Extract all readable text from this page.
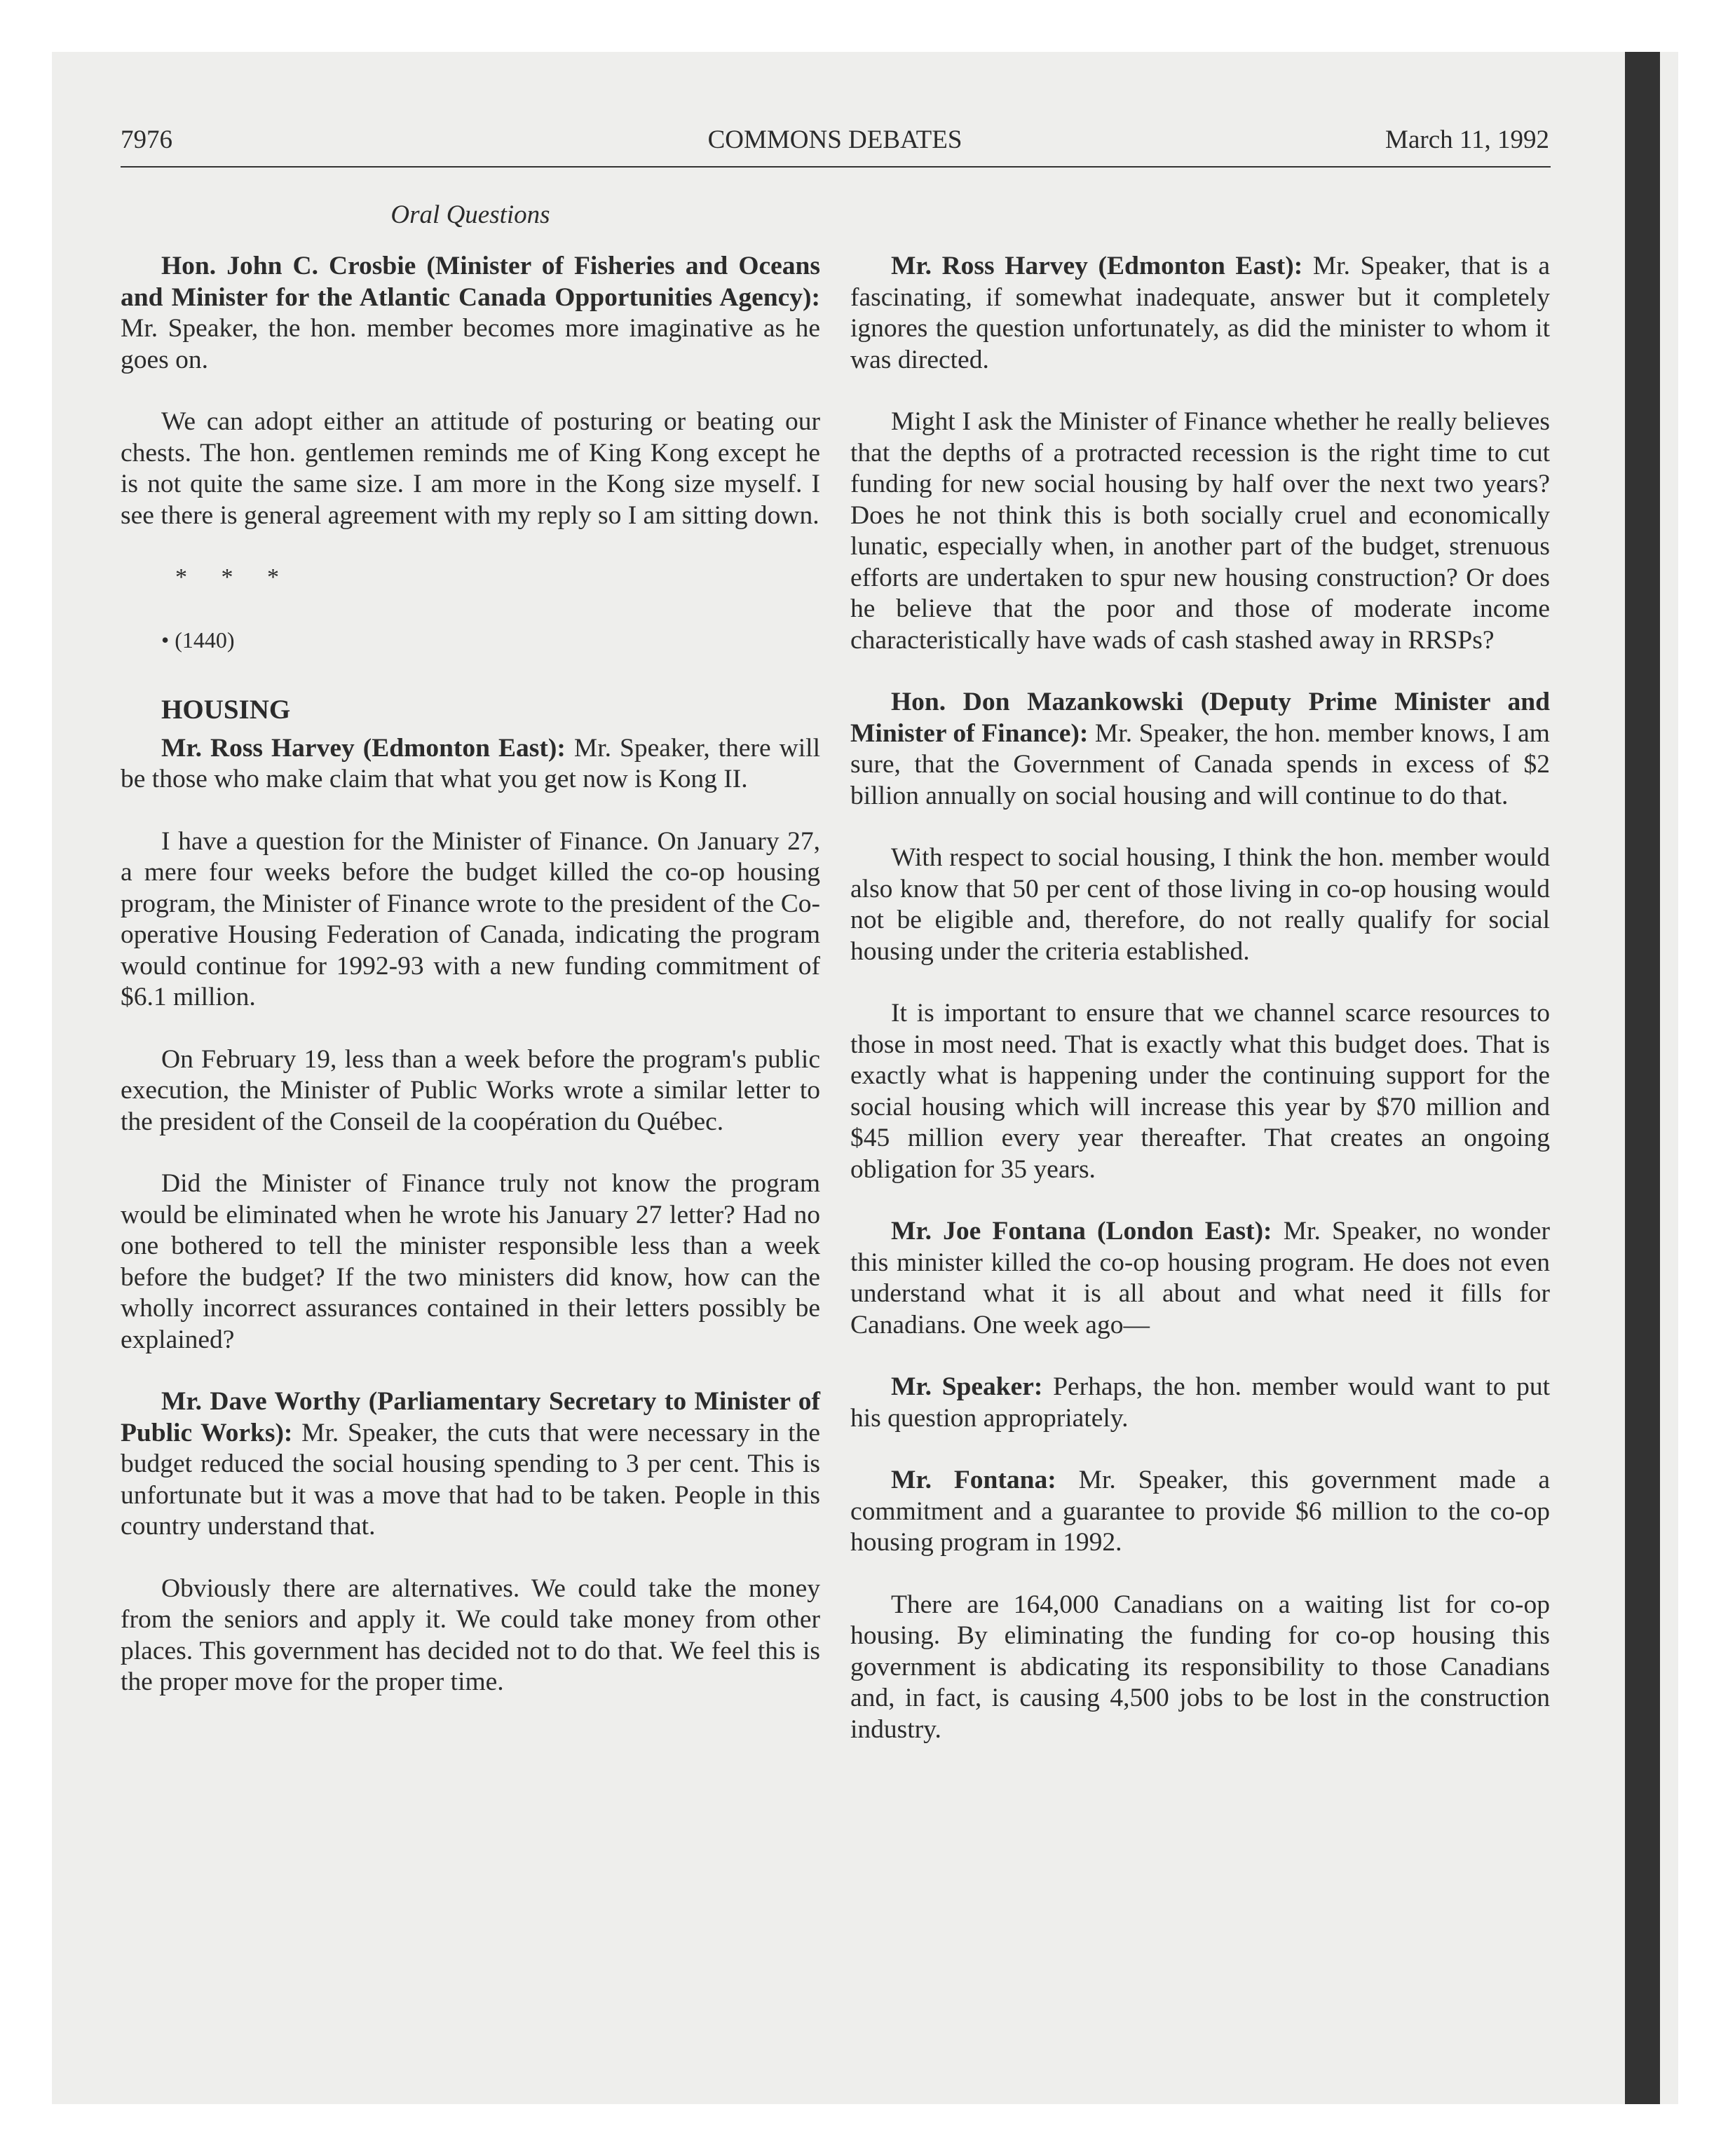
7976	COMMONS DEBATES	March 11, 1992
Oral Questions

Hon. John C. Crosbie (Minister of Fisheries and Oceans and Minister for the Atlantic Canada Opportunities Agency): Mr. Speaker, the hon. member becomes more imaginative as he goes on.

We can adopt either an attitude of posturing or beating our chests. The hon. gentlemen reminds me of King Kong except he is not quite the same size. I am more in the Kong size myself. I see there is general agreement with my reply so I am sitting down.

* * *

• (1440)

HOUSING

Mr. Ross Harvey (Edmonton East): Mr. Speaker, there will be those who make claim that what you get now is Kong II.

I have a question for the Minister of Finance. On January 27, a mere four weeks before the budget killed the co-op housing program, the Minister of Finance wrote to the president of the Co-operative Housing Federation of Canada, indicating the program would continue for 1992-93 with a new funding commitment of $6.1 million.

On February 19, less than a week before the program's public execution, the Minister of Public Works wrote a similar letter to the president of the Conseil de la coopération du Québec.

Did the Minister of Finance truly not know the program would be eliminated when he wrote his January 27 letter? Had no one bothered to tell the minister responsible less than a week before the budget? If the two ministers did know, how can the wholly incorrect assurances contained in their letters possibly be explained?

Mr. Dave Worthy (Parliamentary Secretary to Minister of Public Works): Mr. Speaker, the cuts that were necessary in the budget reduced the social housing spending to 3 per cent. This is unfortunate but it was a move that had to be taken. People in this country understand that.

Obviously there are alternatives. We could take the money from the seniors and apply it. We could take money from other places. This government has decided not to do that. We feel this is the proper move for the proper time.

Mr. Ross Harvey (Edmonton East): Mr. Speaker, that is a fascinating, if somewhat inadequate, answer but it completely ignores the question unfortunately, as did the minister to whom it was directed.

Might I ask the Minister of Finance whether he really believes that the depths of a protracted recession is the right time to cut funding for new social housing by half over the next two years? Does he not think this is both socially cruel and economically lunatic, especially when, in another part of the budget, strenuous efforts are undertaken to spur new housing construction? Or does he believe that the poor and those of moderate income characteristically have wads of cash stashed away in RRSPs?

Hon. Don Mazankowski (Deputy Prime Minister and Minister of Finance): Mr. Speaker, the hon. member knows, I am sure, that the Government of Canada spends in excess of $2 billion annually on social housing and will continue to do that.

With respect to social housing, I think the hon. member would also know that 50 per cent of those living in co-op housing would not be eligible and, therefore, do not really qualify for social housing under the criteria established.

It is important to ensure that we channel scarce resources to those in most need. That is exactly what this budget does. That is exactly what is happening under the continuing support for the social housing which will increase this year by $70 million and $45 million every year thereafter. That creates an ongoing obligation for 35 years.

Mr. Joe Fontana (London East): Mr. Speaker, no wonder this minister killed the co-op housing program. He does not even understand what it is all about and what need it fills for Canadians. One week ago—

Mr. Speaker: Perhaps, the hon. member would want to put his question appropriately.

Mr. Fontana: Mr. Speaker, this government made a commitment and a guarantee to provide $6 million to the co-op housing program in 1992.

There are 164,000 Canadians on a waiting list for co-op housing. By eliminating the funding for co-op housing this government is abdicating its responsibility to those Canadians and, in fact, is causing 4,500 jobs to be lost in the construction industry.
